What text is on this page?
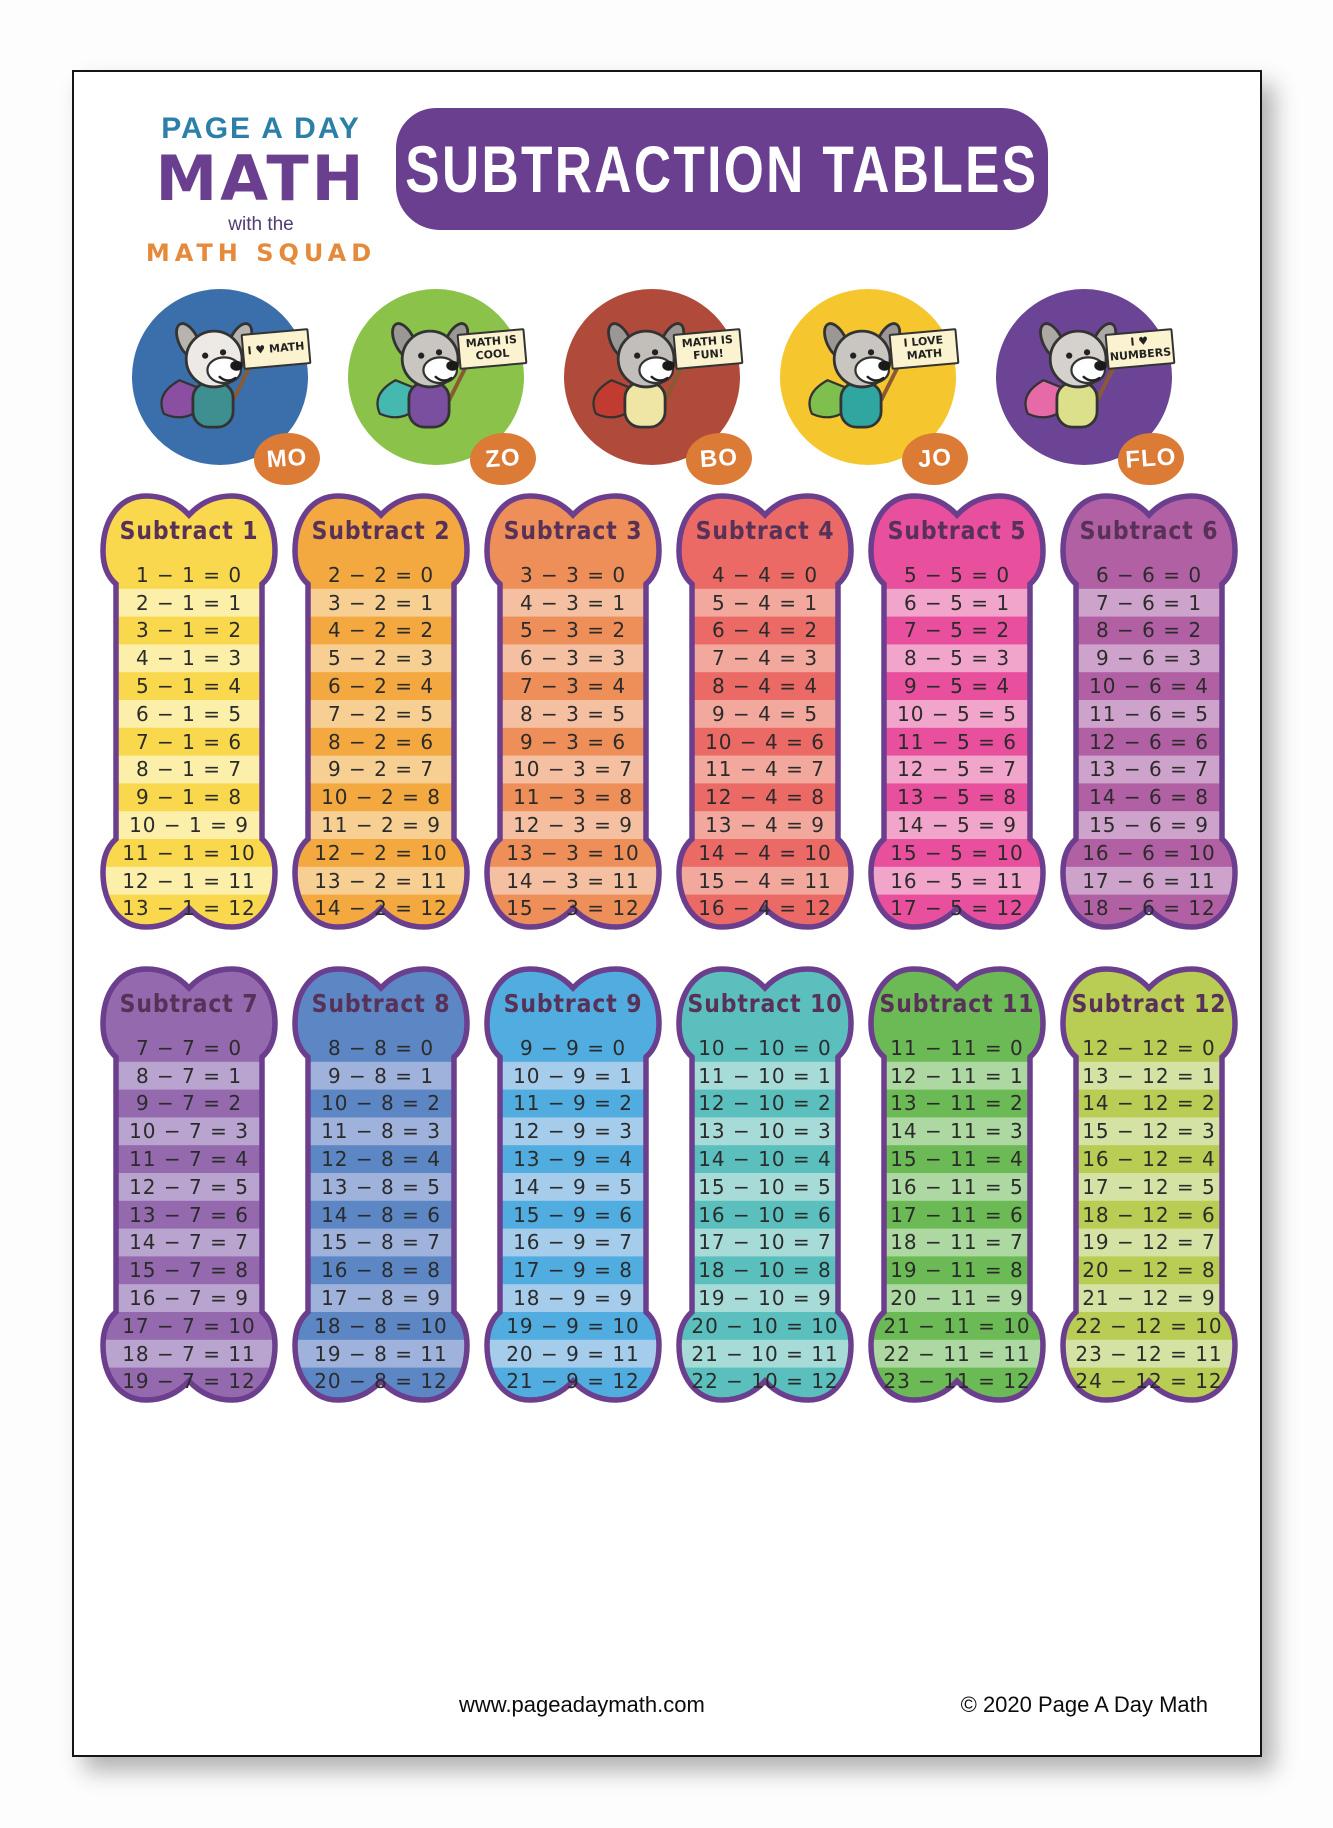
PAGE A DAY
MATH
with the
MATH SQUAD
SUBTRACTION TABLES
I ♥ MATH
MO
MATH IS COOL
ZO
MATH IS FUN!
BO
I LOVE MATH
JO
I ♥ NUMBERS
FLO
Subtract 1
1 − 1 = 0
2 − 1 = 1
3 − 1 = 2
4 − 1 = 3
5 − 1 = 4
6 − 1 = 5
7 − 1 = 6
8 − 1 = 7
9 − 1 = 8
10 − 1 = 9
11 − 1 = 10
12 − 1 = 11
13 − 1 = 12
Subtract 2
2 − 2 = 0
3 − 2 = 1
4 − 2 = 2
5 − 2 = 3
6 − 2 = 4
7 − 2 = 5
8 − 2 = 6
9 − 2 = 7
10 − 2 = 8
11 − 2 = 9
12 − 2 = 10
13 − 2 = 11
14 − 2 = 12
Subtract 3
3 − 3 = 0
4 − 3 = 1
5 − 3 = 2
6 − 3 = 3
7 − 3 = 4
8 − 3 = 5
9 − 3 = 6
10 − 3 = 7
11 − 3 = 8
12 − 3 = 9
13 − 3 = 10
14 − 3 = 11
15 − 3 = 12
Subtract 4
4 − 4 = 0
5 − 4 = 1
6 − 4 = 2
7 − 4 = 3
8 − 4 = 4
9 − 4 = 5
10 − 4 = 6
11 − 4 = 7
12 − 4 = 8
13 − 4 = 9
14 − 4 = 10
15 − 4 = 11
16 − 4 = 12
Subtract 5
5 − 5 = 0
6 − 5 = 1
7 − 5 = 2
8 − 5 = 3
9 − 5 = 4
10 − 5 = 5
11 − 5 = 6
12 − 5 = 7
13 − 5 = 8
14 − 5 = 9
15 − 5 = 10
16 − 5 = 11
17 − 5 = 12
Subtract 6
6 − 6 = 0
7 − 6 = 1
8 − 6 = 2
9 − 6 = 3
10 − 6 = 4
11 − 6 = 5
12 − 6 = 6
13 − 6 = 7
14 − 6 = 8
15 − 6 = 9
16 − 6 = 10
17 − 6 = 11
18 − 6 = 12
Subtract 7
7 − 7 = 0
8 − 7 = 1
9 − 7 = 2
10 − 7 = 3
11 − 7 = 4
12 − 7 = 5
13 − 7 = 6
14 − 7 = 7
15 − 7 = 8
16 − 7 = 9
17 − 7 = 10
18 − 7 = 11
19 − 7 = 12
Subtract 8
8 − 8 = 0
9 − 8 = 1
10 − 8 = 2
11 − 8 = 3
12 − 8 = 4
13 − 8 = 5
14 − 8 = 6
15 − 8 = 7
16 − 8 = 8
17 − 8 = 9
18 − 8 = 10
19 − 8 = 11
20 − 8 = 12
Subtract 9
9 − 9 = 0
10 − 9 = 1
11 − 9 = 2
12 − 9 = 3
13 − 9 = 4
14 − 9 = 5
15 − 9 = 6
16 − 9 = 7
17 − 9 = 8
18 − 9 = 9
19 − 9 = 10
20 − 9 = 11
21 − 9 = 12
Subtract 10
10 − 10 = 0
11 − 10 = 1
12 − 10 = 2
13 − 10 = 3
14 − 10 = 4
15 − 10 = 5
16 − 10 = 6
17 − 10 = 7
18 − 10 = 8
19 − 10 = 9
20 − 10 = 10
21 − 10 = 11
22 − 10 = 12
Subtract 11
11 − 11 = 0
12 − 11 = 1
13 − 11 = 2
14 − 11 = 3
15 − 11 = 4
16 − 11 = 5
17 − 11 = 6
18 − 11 = 7
19 − 11 = 8
20 − 11 = 9
21 − 11 = 10
22 − 11 = 11
23 − 11 = 12
Subtract 12
12 − 12 = 0
13 − 12 = 1
14 − 12 = 2
15 − 12 = 3
16 − 12 = 4
17 − 12 = 5
18 − 12 = 6
19 − 12 = 7
20 − 12 = 8
21 − 12 = 9
22 − 12 = 10
23 − 12 = 11
24 − 12 = 12
www.pageadaymath.com	© 2020 Page A Day Math
